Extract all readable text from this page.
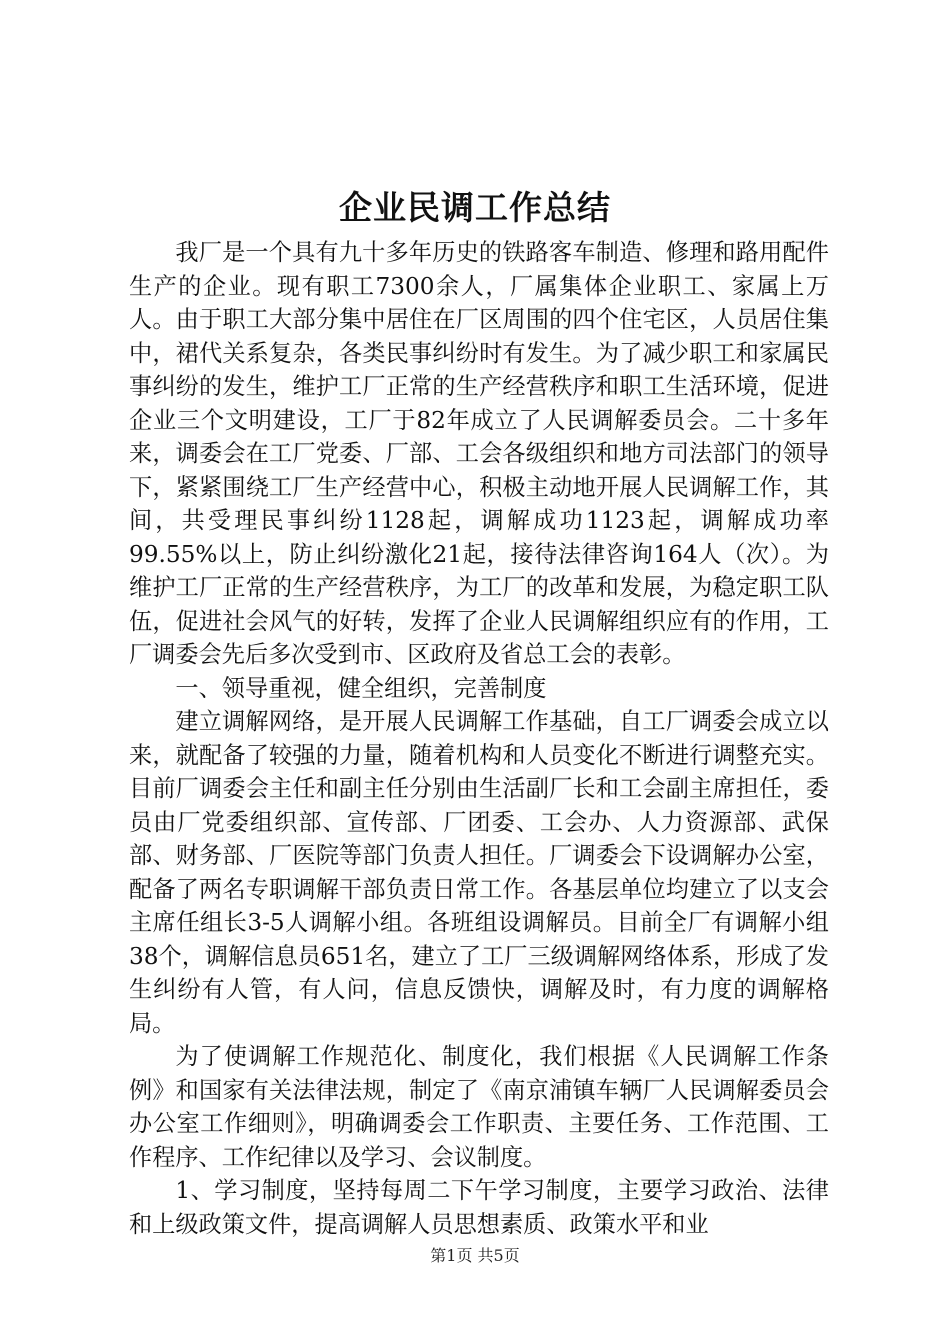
企业民调工作总结

我厂是一个具有九十多年历史的铁路客车制造、修理和路用配件生产的企业。现有职工7300余人，厂属集体企业职工、家属上万人。由于职工大部分集中居住在厂区周围的四个住宅区，人员居住集中，裙代关系复杂，各类民事纠纷时有发生。为了减少职工和家属民事纠纷的发生，维护工厂正常的生产经营秩序和职工生活环境，促进企业三个文明建设，工厂于82年成立了人民调解委员会。二十多年来，调委会在工厂党委、厂部、工会各级组织和地方司法部门的领导下，紧紧围绕工厂生产经营中心，积极主动地开展人民调解工作，其间，共受理民事纠纷1128起，调解成功1123起，调解成功率99.55%以上，防止纠纷激化21起，接待法律咨询164人（次）。为维护工厂正常的生产经营秩序，为工厂的改革和发展，为稳定职工队伍，促进社会风气的好转，发挥了企业人民调解组织应有的作用，工厂调委会先后多次受到市、区政府及省总工会的表彰。

一、领导重视，健全组织，完善制度

建立调解网络，是开展人民调解工作基础，自工厂调委会成立以来，就配备了较强的力量，随着机构和人员变化不断进行调整充实。目前厂调委会主任和副主任分别由生活副厂长和工会副主席担任，委员由厂党委组织部、宣传部、厂团委、工会办、人力资源部、武保部、财务部、厂医院等部门负责人担任。厂调委会下设调解办公室，配备了两名专职调解干部负责日常工作。各基层单位均建立了以支会主席任组长3-5人调解小组。各班组设调解员。目前全厂有调解小组38个，调解信息员651名，建立了工厂三级调解网络体系，形成了发生纠纷有人管，有人问，信息反馈快，调解及时，有力度的调解格局。

为了使调解工作规范化、制度化，我们根据《人民调解工作条例》和国家有关法律法规，制定了《南京浦镇车辆厂人民调解委员会办公室工作细则》，明确调委会工作职责、主要任务、工作范围、工作程序、工作纪律以及学习、会议制度。

1、学习制度，坚持每周二下午学习制度，主要学习政治、法律和上级政策文件，提高调解人员思想素质、政策水平和业

第1页 共5页
